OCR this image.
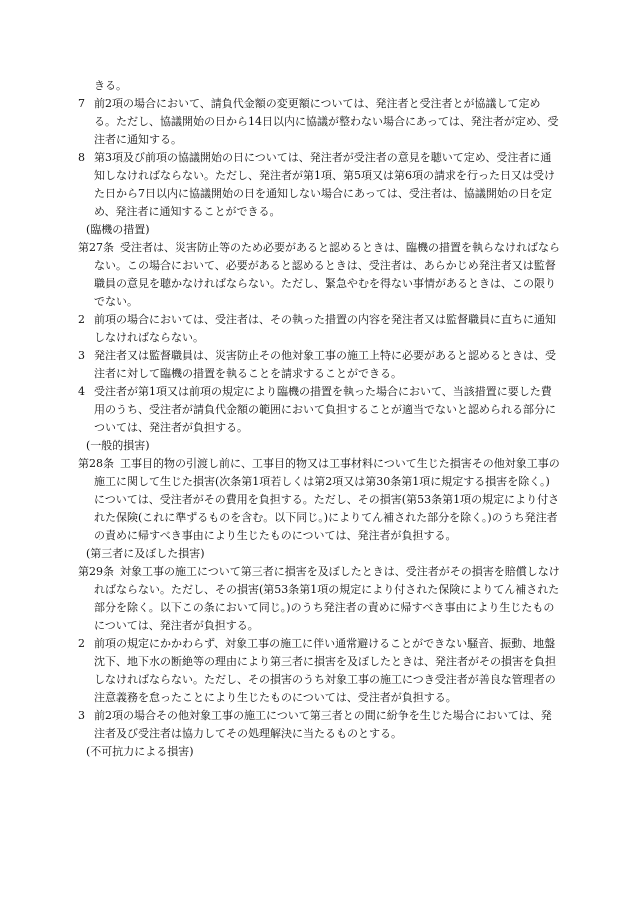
きる。

7 前2項の場合において、請負代金額の変更額については、発注者と受注者とが協議して定める。ただし、協議開始の日から14日以内に協議が整わない場合にあっては、発注者が定め、受注者に通知する。

8 第3項及び前項の協議開始の日については、発注者が受注者の意見を聴いて定め、受注者に通知しなければならない。ただし、発注者が第1項、第5項又は第6項の請求を行った日又は受けた日から7日以内に協議開始の日を通知しない場合にあっては、受注者は、協議開始の日を定め、発注者に通知することができる。

(臨機の措置)

第27条 受注者は、災害防止等のため必要があると認めるときは、臨機の措置を執らなければならない。この場合において、必要があると認めるときは、受注者は、あらかじめ発注者又は監督職員の意見を聴かなければならない。ただし、緊急やむを得ない事情があるときは、この限りでない。

2 前項の場合においては、受注者は、その執った措置の内容を発注者又は監督職員に直ちに通知しなければならない。

3 発注者又は監督職員は、災害防止その他対象工事の施工上特に必要があると認めるときは、受注者に対して臨機の措置を執ることを請求することができる。

4 受注者が第1項又は前項の規定により臨機の措置を執った場合において、当該措置に要した費用のうち、受注者が請負代金額の範囲において負担することが適当でないと認められる部分については、発注者が負担する。

(一般的損害)

第28条 工事目的物の引渡し前に、工事目的物又は工事材料について生じた損害その他対象工事の施工に関して生じた損害(次条第1項若しくは第2項又は第30条第1項に規定する損害を除く。)については、受注者がその費用を負担する。ただし、その損害(第53条第1項の規定により付された保険(これに準ずるものを含む。以下同じ。)によりてん補された部分を除く。)のうち発注者の責めに帰すべき事由により生じたものについては、発注者が負担する。

(第三者に及ぼした損害)

第29条 対象工事の施工について第三者に損害を及ぼしたときは、受注者がその損害を賠償しなければならない。ただし、その損害(第53条第1項の規定により付された保険によりてん補された部分を除く。以下この条において同じ。)のうち発注者の責めに帰すべき事由により生じたものについては、発注者が負担する。

2 前項の規定にかかわらず、対象工事の施工に伴い通常避けることができない騒音、振動、地盤沈下、地下水の断絶等の理由により第三者に損害を及ぼしたときは、発注者がその損害を負担しなければならない。ただし、その損害のうち対象工事の施工につき受注者が善良な管理者の注意義務を怠ったことにより生じたものについては、受注者が負担する。

3 前2項の場合その他対象工事の施工について第三者との間に紛争を生じた場合においては、発注者及び受注者は協力してその処理解決に当たるものとする。

(不可抗力による損害)
